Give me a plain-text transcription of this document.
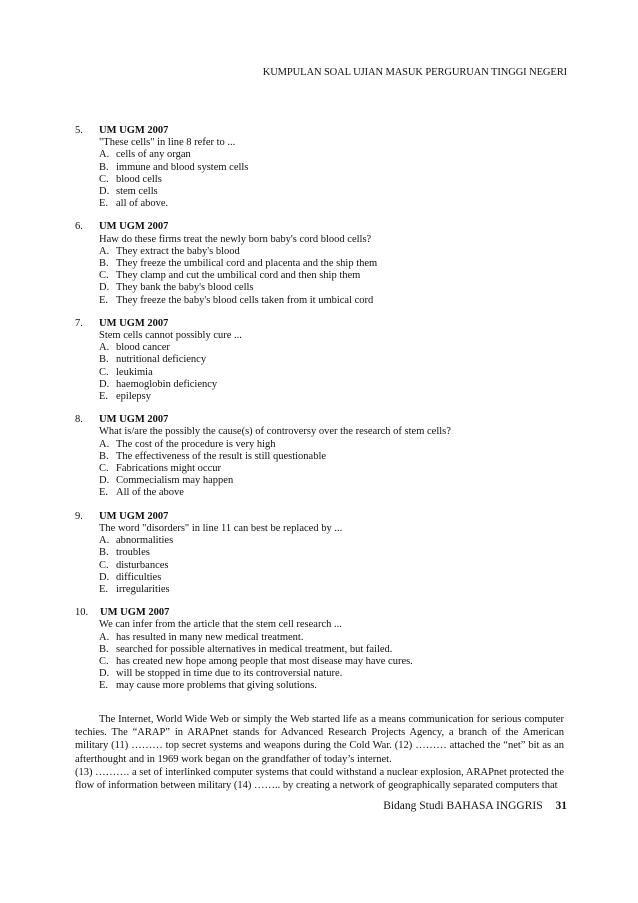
KUMPULAN SOAL UJIAN MASUK PERGURUAN TINGGI NEGERI
5. UM UGM 2007
"These cells" in line 8 refer to ...
A. cells of any organ
B. immune and blood system cells
C. blood cells
D. stem cells
E. all of above.
6. UM UGM 2007
Haw do these firms treat the newly born baby's cord blood cells?
A. They extract the baby's blood
B. They freeze the umbilical cord and placenta and the ship them
C. They clamp and cut the umbilical cord and then ship them
D. They bank the baby's blood cells
E. They freeze the baby's blood cells taken from it umbical cord
7. UM UGM 2007
Stem cells cannot possibly cure ...
A. blood cancer
B. nutritional deficiency
C. leukimia
D. haemoglobin deficiency
E. epilepsy
8. UM UGM 2007
What is/are the possibly the cause(s) of controversy over the research of stem cells?
A. The cost of the procedure is very high
B. The effectiveness of the result is still questionable
C. Fabrications might occur
D. Commecialism may happen
E. All of the above
9. UM UGM 2007
The word "disorders" in line 11 can best be replaced by ...
A. abnormalities
B. troubles
C. disturbances
D. difficulties
E. irregularities
10. UM UGM 2007
We can infer from the article that the stem cell research ...
A. has resulted in many new medical treatment.
B. searched for possible alternatives in medical treatment, but failed.
C. has created new hope among people that most disease may have cures.
D. will be stopped in time due to its controversial nature.
E. may cause more problems that giving solutions.

The Internet, World Wide Web or simply the Web started life as a means communication for serious computer techies. The “ARAP” in ARAPnet stands for Advanced Research Projects Agency, a branch of the American military (11) ……… top secret systems and weapons during the Cold War. (12) ……… attached the “net” bit as an afterthought and in 1969 work began on the grandfather of today’s internet.

(13) ………. a set of interlinked computer systems that could withstand a nuclear explosion, ARAPnet protected the flow of information between military (14) …….. by creating a network of geographically separated computers that

Bidang Studi BAHASA INGGRIS 31
